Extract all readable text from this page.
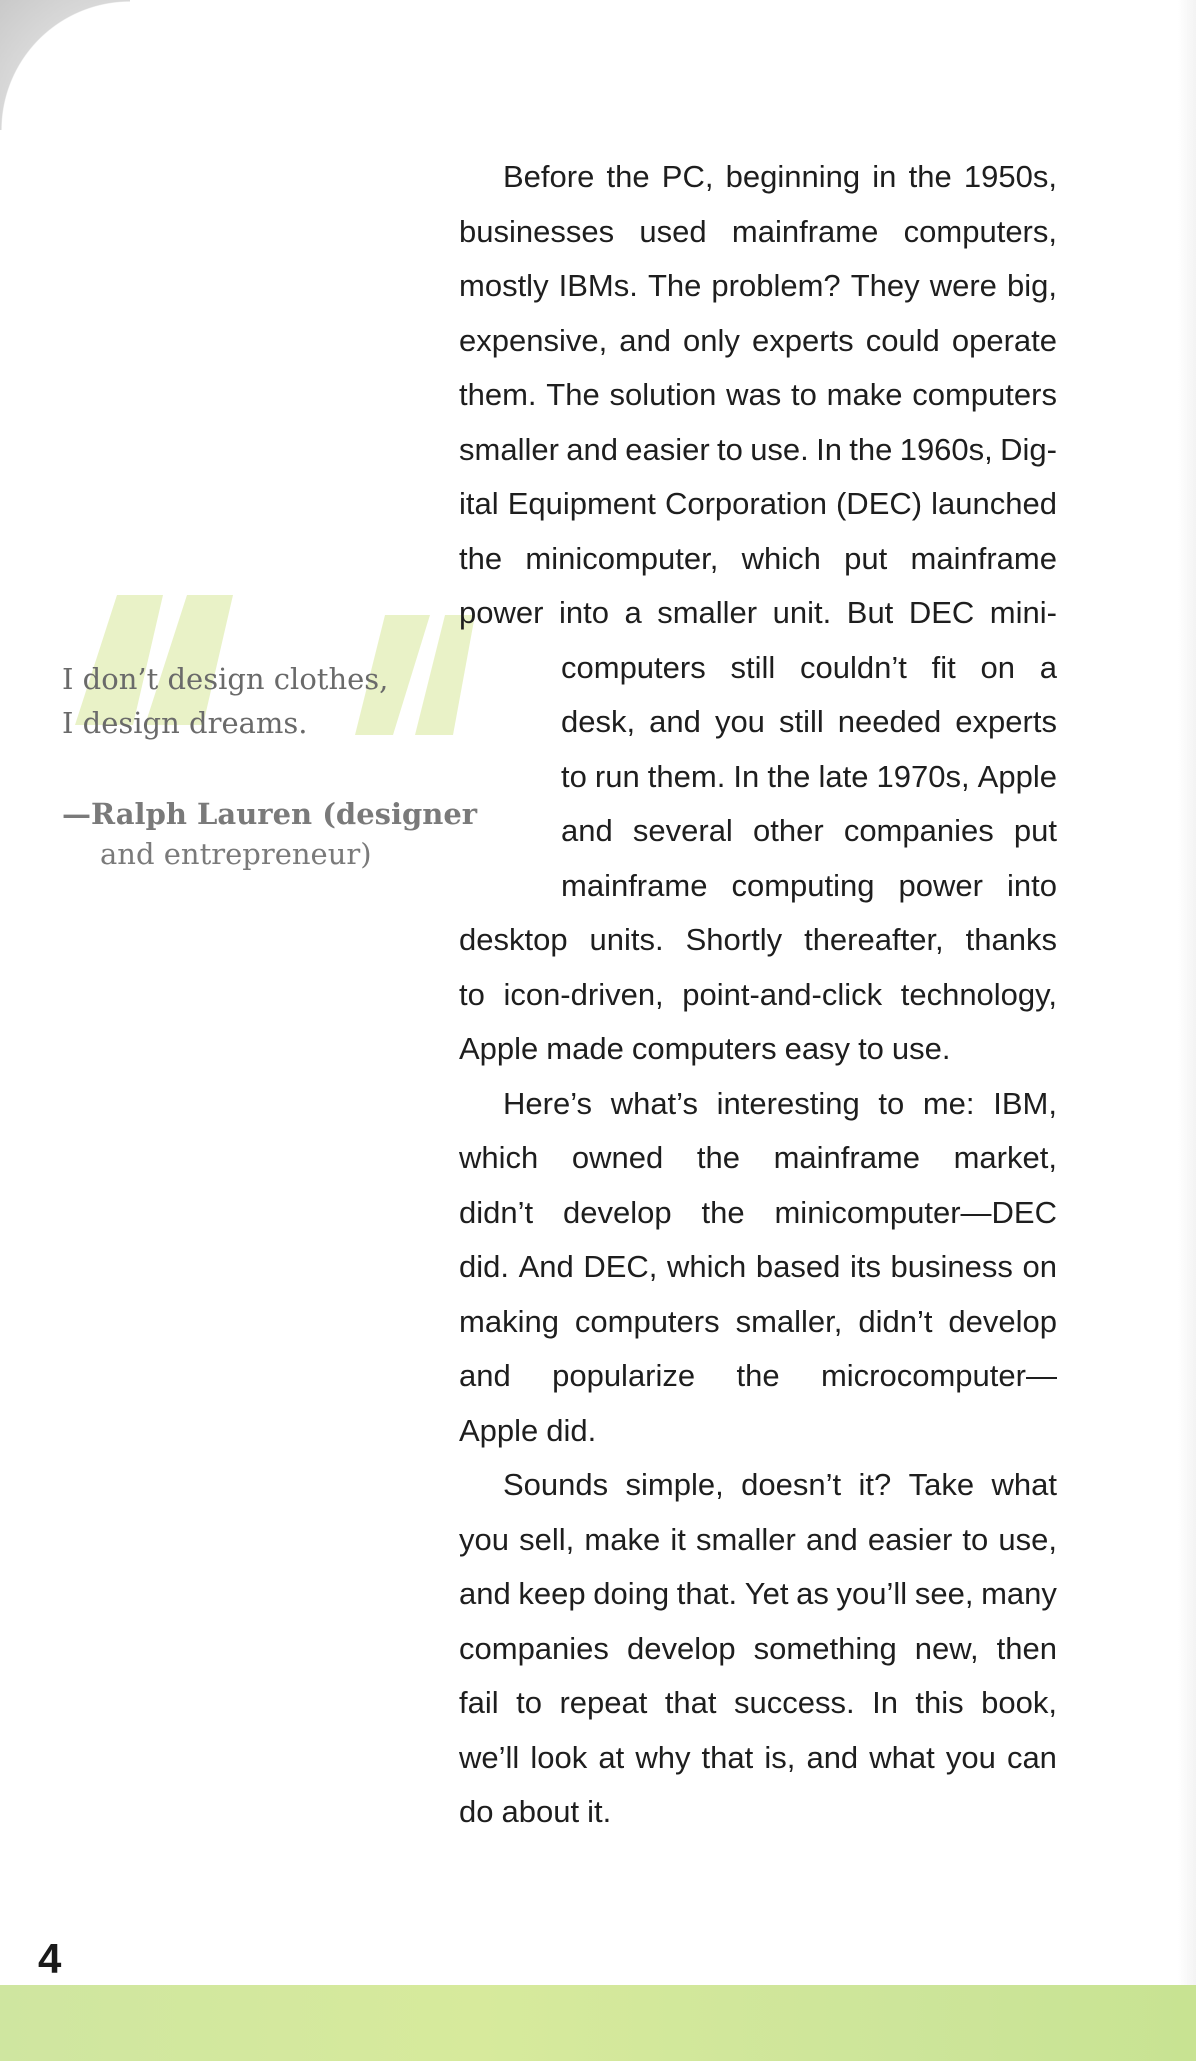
I don’t design clothes,
I design dreams.
—Ralph Lauren (designer
and entrepreneur)
Before the PC, beginning in the 1950s,
businesses used mainframe computers,
mostly IBMs. The problem? They were big,
expensive, and only experts could operate
them. The solution was to make computers
smaller and easier to use. In the 1960s, Dig-
ital Equipment Corporation (DEC) launched
the minicomputer, which put mainframe
power into a smaller unit. But DEC mini-
computers still couldn’t fit on a
desk, and you still needed experts
to run them. In the late 1970s, Apple
and several other companies put
mainframe computing power into
desktop units. Shortly thereafter, thanks
to icon-driven, point-and-click technology,
Apple made computers easy to use.
Here’s what’s interesting to me: IBM,
which owned the mainframe market,
didn’t develop the minicomputer—DEC
did. And DEC, which based its business on
making computers smaller, didn’t develop
and popularize the microcomputer—
Apple did.
Sounds simple, doesn’t it? Take what
you sell, make it smaller and easier to use,
and keep doing that. Yet as you’ll see, many
companies develop something new, then
fail to repeat that success. In this book,
we’ll look at why that is, and what you can
do about it.
4
